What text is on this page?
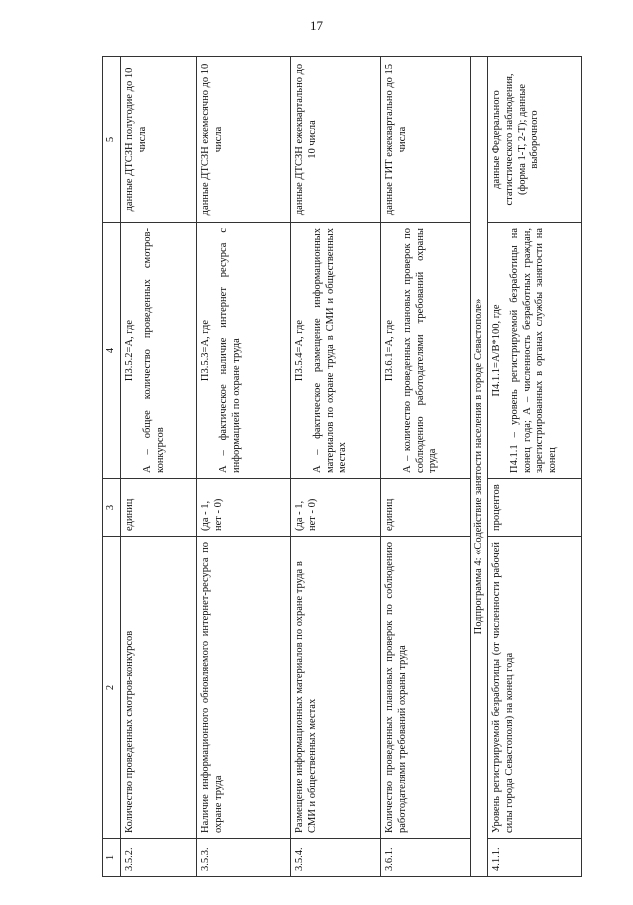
17
1	2	3	4	5
3.5.2.	Количество проведенных смотров-конкурсов	единиц	П3.5.2=А, где А – общее количество проведенных смотров-конкурсов	данные ДТСЗН полугодие до 10 числа
3.5.3.	Наличие информационного обновляемого интернет-ресурса по охране труда	(да - 1, нет - 0)	П3.5.3=А, где А – фактическое наличие интернет ресурса с информацией по охране труда	данные ДТСЗН ежемесячно до 10 числа
3.5.4.	Размещение информационных материалов по охране труда в СМИ и общественных местах	(да - 1, нет - 0)	П3.5.4=А, где А – фактическое размещение информационных материалов по охране труда в СМИ и общественных местах	данные ДТСЗН ежеквартально до 10 числа
3.6.1.	Количество проведенных плановых проверок по соблюдению работодателями требований охраны труда	единиц	П3.6.1=А, где А – количество проведенных плановых проверок по соблюдению работодателями требований охраны труда	данные ГИТ ежеквартально до 15 числа
Подпрограмма 4: «Содействие занятости населения в городе Севастополе»				
4.1.1.	Уровень регистрируемой безработицы (от численности рабочей силы города Севастополя) на конец года	процентов	П4.1.1=А/В*100, где П4.1.1 – уровень регистрируемой безработицы на конец года; А – численность безработных граждан, зарегистрированных в органах службы занятости на конец	данные Федерального статистического наблюдения, (форма 1-Т, 2-Т); данные выборочного
